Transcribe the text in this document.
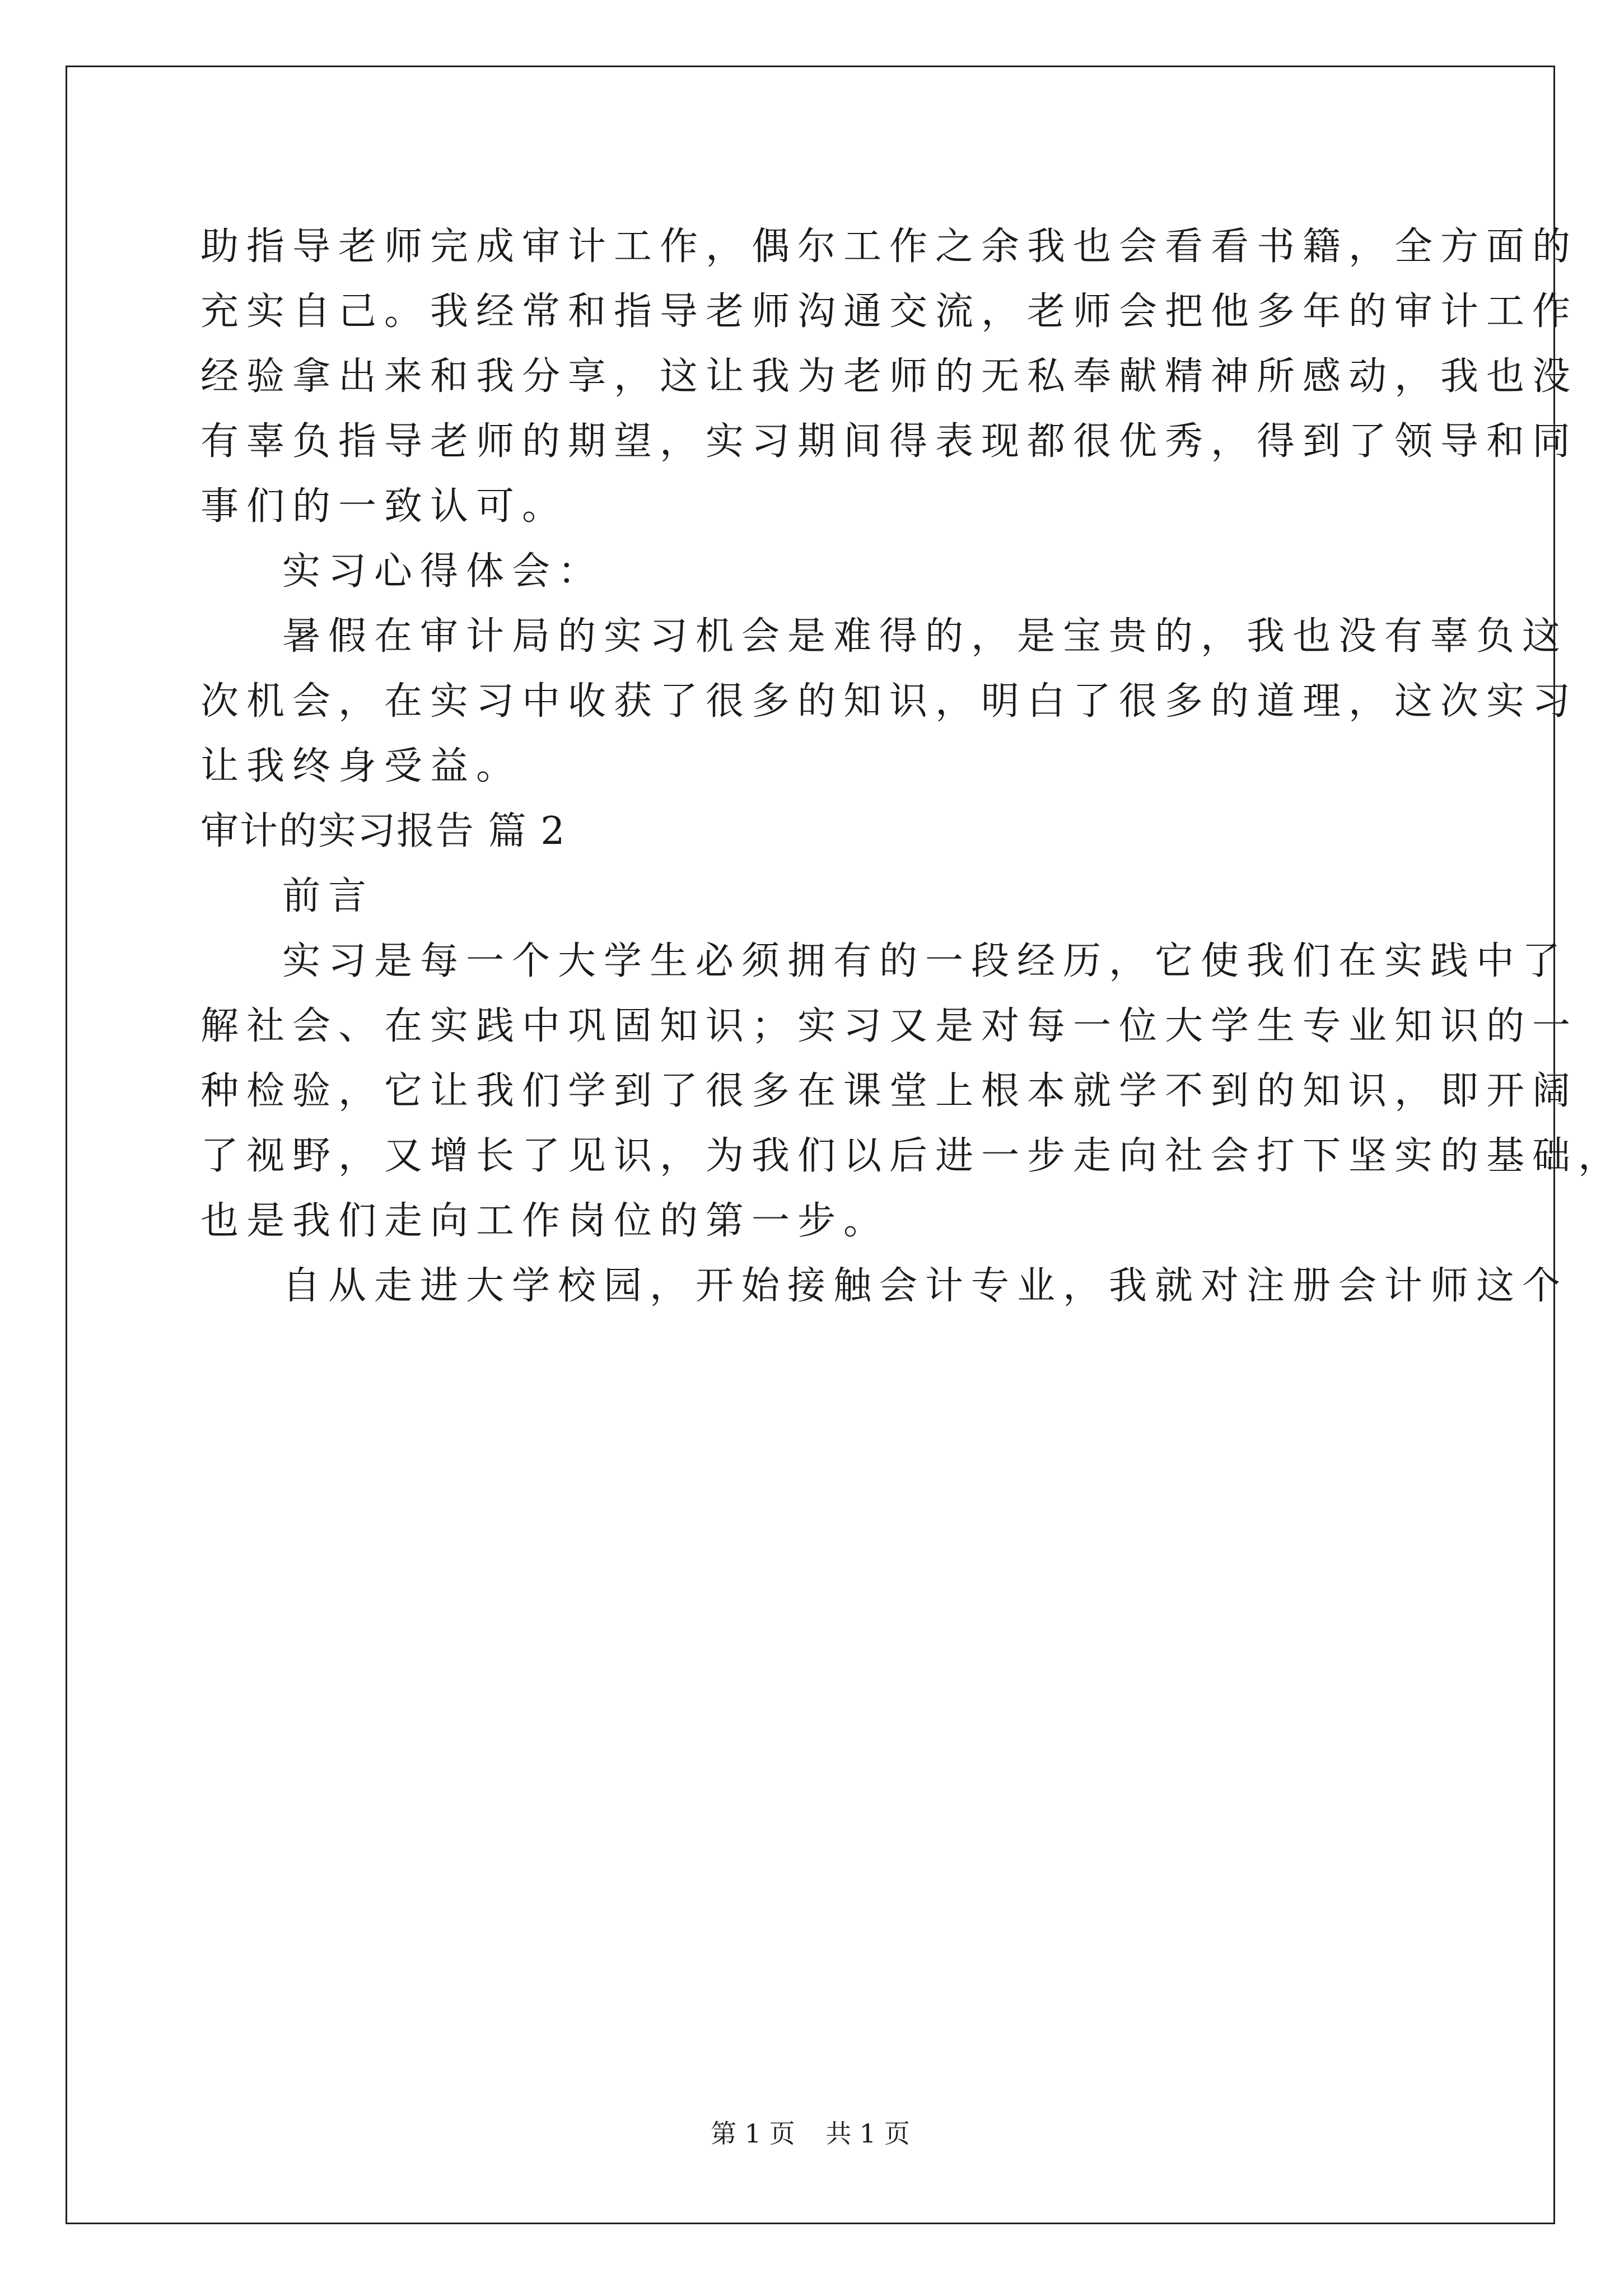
助指导老师完成审计工作，偶尔工作之余我也会看看书籍，全方面的

充实自己。我经常和指导老师沟通交流，老师会把他多年的审计工作

经验拿出来和我分享，这让我为老师的无私奉献精神所感动，我也没

有辜负指导老师的期望，实习期间得表现都很优秀，得到了领导和同

事们的一致认可。

实习心得体会：

暑假在审计局的实习机会是难得的，是宝贵的，我也没有辜负这

次机会，在实习中收获了很多的知识，明白了很多的道理，这次实习

让我终身受益。

审计的实习报告 篇 2

前言

实习是每一个大学生必须拥有的一段经历，它使我们在实践中了

解社会、在实践中巩固知识；实习又是对每一位大学生专业知识的一

种检验，它让我们学到了很多在课堂上根本就学不到的知识，即开阔

了视野，又增长了见识，为我们以后进一步走向社会打下坚实的基础，

也是我们走向工作岗位的第一步。

自从走进大学校园，开始接触会计专业，我就对注册会计师这个

第 1 页 共 1 页
